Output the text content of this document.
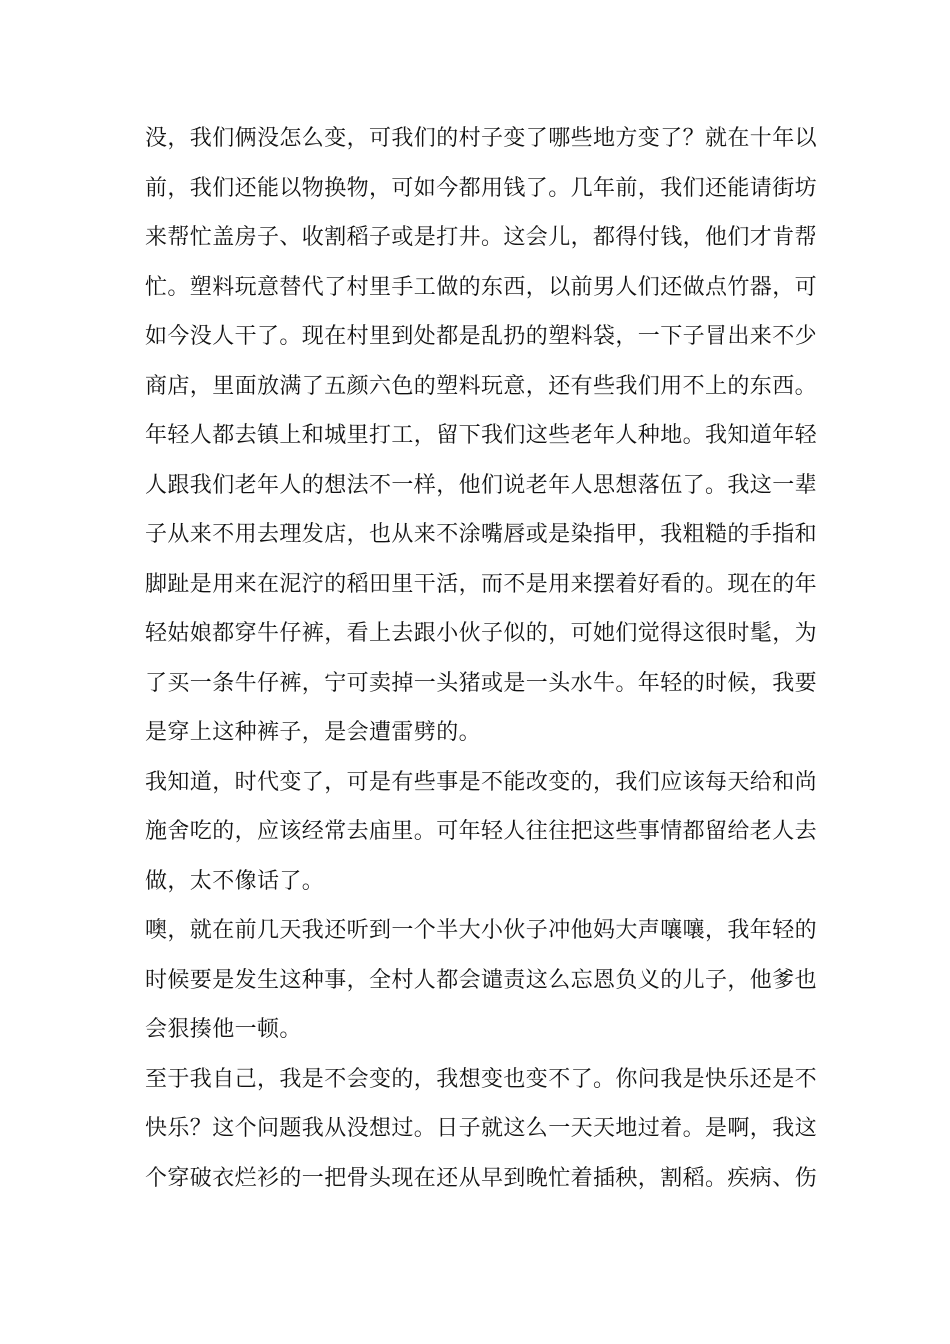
没，我们俩没怎么变，可我们的村子变了哪些地方变了？就在十年以
前，我们还能以物换物，可如今都用钱了。几年前，我们还能请街坊
来帮忙盖房子、收割稻子或是打井。这会儿，都得付钱，他们才肯帮
忙。塑料玩意替代了村里手工做的东西，以前男人们还做点竹器，可
如今没人干了。现在村里到处都是乱扔的塑料袋，一下子冒出来不少
商店，里面放满了五颜六色的塑料玩意，还有些我们用不上的东西。
年轻人都去镇上和城里打工，留下我们这些老年人种地。我知道年轻
人跟我们老年人的想法不一样，他们说老年人思想落伍了。我这一辈
子从来不用去理发店，也从来不涂嘴唇或是染指甲，我粗糙的手指和
脚趾是用来在泥泞的稻田里干活，而不是用来摆着好看的。现在的年
轻姑娘都穿牛仔裤，看上去跟小伙子似的，可她们觉得这很时髦，为
了买一条牛仔裤，宁可卖掉一头猪或是一头水牛。年轻的时候，我要
是穿上这种裤子，是会遭雷劈的。
我知道，时代变了，可是有些事是不能改变的，我们应该每天给和尚
施舍吃的，应该经常去庙里。可年轻人往往把这些事情都留给老人去
做，太不像话了。
噢，就在前几天我还听到一个半大小伙子冲他妈大声嚷嚷，我年轻的
时候要是发生这种事，全村人都会谴责这么忘恩负义的儿子，他爹也
会狠揍他一顿。
至于我自己，我是不会变的，我想变也变不了。你问我是快乐还是不
快乐？这个问题我从没想过。日子就这么一天天地过着。是啊，我这
个穿破衣烂衫的一把骨头现在还从早到晚忙着插秧，割稻。疾病、伤
